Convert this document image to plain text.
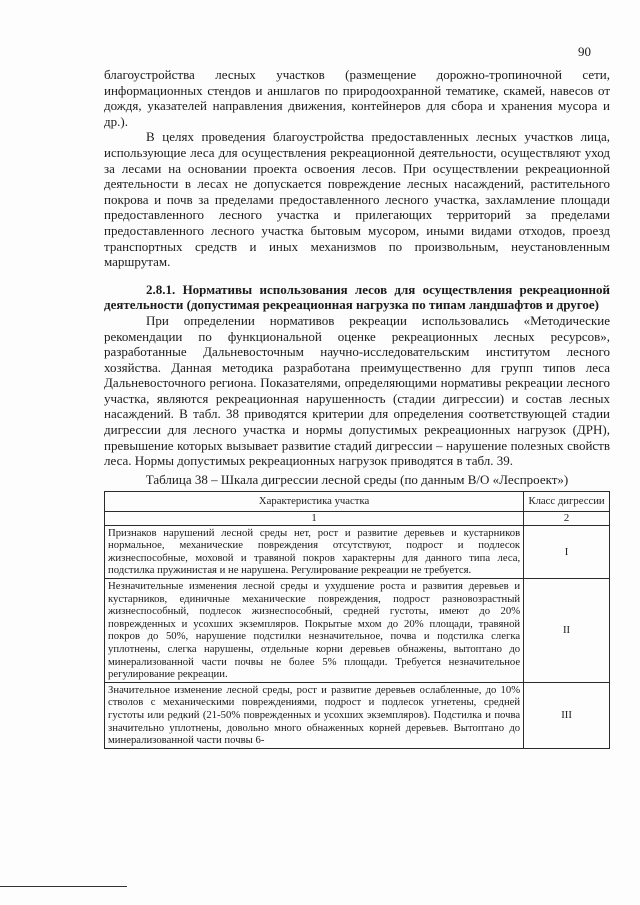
90

благоустройства лесных участков (размещение дорожно-тропиночной сети, информационных стендов и аншлагов по природоохранной тематике, скамей, навесов от дождя, указателей направления движения, контейнеров для сбора и хранения мусора и др.).

В целях проведения благоустройства предоставленных лесных участков лица, использующие леса для осуществления рекреационной деятельности, осуществляют уход за лесами на основании проекта освоения лесов. При осуществлении рекреационной деятельности в лесах не допускается повреждение лесных насаждений, растительного покрова и почв за пределами предоставленного лесного участка, захламление площади предоставленного лесного участка и прилегающих территорий за пределами предоставленного лесного участка бытовым мусором, иными видами отходов, проезд транспортных средств и иных механизмов по произвольным, неустановленным маршрутам.

2.8.1. Нормативы использования лесов для осуществления рекреационной деятельности (допустимая рекреационная нагрузка по типам ландшафтов и другое)

При определении нормативов рекреации использовались «Методические рекомендации по функциональной оценке рекреационных лесных ресурсов», разработанные Дальневосточным научно-исследовательским институтом лесного хозяйства. Данная методика разработана преимущественно для групп типов леса Дальневосточного региона. Показателями, определяющими нормативы рекреации лесного участка, являются рекреационная нарушенность (стадии дигрессии) и состав лесных насаждений. В табл. 38 приводятся критерии для определения соответствующей стадии дигрессии для лесного участка и нормы допустимых рекреационных нагрузок (ДРН), превышение которых вызывает развитие стадий дигрессии – нарушение полезных свойств леса. Нормы допустимых рекреационных нагрузок приводятся в табл. 39.

Таблица 38 – Шкала дигрессии лесной среды (по данным В/О «Леспроект»)
Характеристика участка	Класс дигрессии
1	2
Признаков нарушений лесной среды нет, рост и развитие деревьев и кустарников нормальное, механические повреждения отсутствуют, подрост и подлесок жизнеспособные, моховой и травяной покров характерны для данного типа леса, подстилка пружинистая и не нарушена. Регулирование рекреации не требуется.	I
Незначительные изменения лесной среды и ухудшение роста и развития деревьев и кустарников, единичные механические повреждения, подрост разновозрастный жизнеспособный, подлесок жизнеспособный, средней густоты, имеют до 20% поврежденных и усохших экземпляров. Покрытые мхом до 20% площади, травяной покров до 50%, нарушение подстилки незначительное, почва и подстилка слегка уплотнены, слегка нарушены, отдельные корни деревьев обнажены, вытоптано до минерализованной части почвы не более 5% площади. Требуется незначительное регулирование рекреации.	II
Значительное изменение лесной среды, рост и развитие деревьев ослабленные, до 10% стволов с механическими повреждениями, подрост и подлесок угнетены, средней густоты или редкий (21-50% поврежденных и усохших экземпляров). Подстилка и почва значительно уплотнены, довольно много обнаженных корней деревьев. Вытоптано до минерализованной части почвы 6-	III
